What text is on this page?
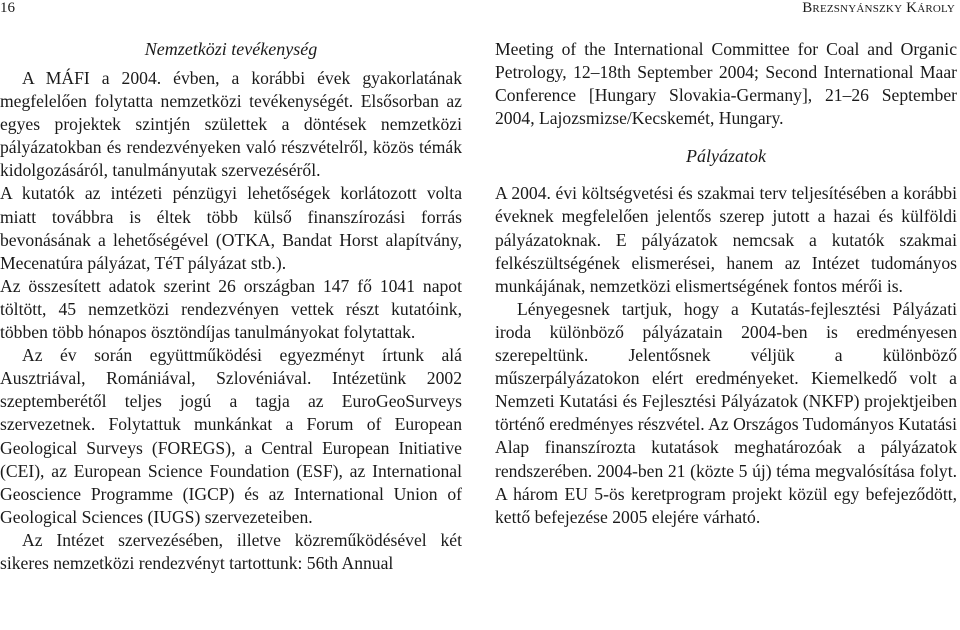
16	Brezsnyánszky Károly
Nemzetközi tevékenység

A MÁFI a 2004. évben, a korábbi évek gyakorlatának megfelelően folytatta nemzetközi tevékenységét. Elsősorban az egyes projektek szintjén születtek a döntések nemzetközi pályázatokban és rendezvényeken való részvételről, közös témák kidolgozásáról, tanulmányutak szervezéséről.

A kutatók az intézeti pénzügyi lehetőségek korlátozott volta miatt továbbra is éltek több külső finanszírozási forrás bevonásának a lehetőségével (OTKA, Bandat Horst alapítvány, Mecenatúra pályázat, TéT pályázat stb.).

Az összesített adatok szerint 26 országban 147 fő 1041 napot töltött, 45 nemzetközi rendezvényen vettek részt kutatóink, többen több hónapos ösztöndíjas tanulmányokat folytattak.

Az év során együttműködési egyezményt írtunk alá Ausztriával, Romániával, Szlovéniával. Intézetünk 2002 szeptemberétől teljes jogú a tagja az EuroGeoSurveys szervezetnek. Folytattuk munkánkat a Forum of European Geological Surveys (FOREGS), a Central European Initiative (CEI), az European Science Foundation (ESF), az International Geoscience Programme (IGCP) és az International Union of Geological Sciences (IUGS) szervezeteiben.

Az Intézet szervezésében, illetve közreműködésével két sikeres nemzetközi rendezvényt tartottunk: 56th Annual

Meeting of the International Committee for Coal and Organic Petrology, 12–18th September 2004; Second International Maar Conference [Hungary Slovakia-Germany], 21–26 September 2004, Lajozsmizse/Kecskemét, Hungary.

Pályázatok

A 2004. évi költségvetési és szakmai terv teljesítésében a korábbi éveknek megfelelően jelentős szerep jutott a hazai és külföldi pályázatoknak. E pályázatok nemcsak a kutatók szakmai felkészültségének elismerései, hanem az Intézet tudományos munkájának, nemzetközi elismertségének fontos mérői is.

Lényegesnek tartjuk, hogy a Kutatás-fejlesztési Pályázati iroda különböző pályázatain 2004-ben is eredményesen szerepeltünk. Jelentősnek véljük a különböző műszerpályázatokon elért eredményeket. Kiemelkedő volt a Nemzeti Kutatási és Fejlesztési Pályázatok (NKFP) projektjeiben történő eredményes részvétel. Az Országos Tudományos Kutatási Alap finanszírozta kutatások meghatározóak a pályázatok rendszerében. 2004-ben 21 (közte 5 új) téma megvalósítása folyt. A három EU 5-ös keretprogram projekt közül egy befejeződött, kettő befejezése 2005 elejére várható.
